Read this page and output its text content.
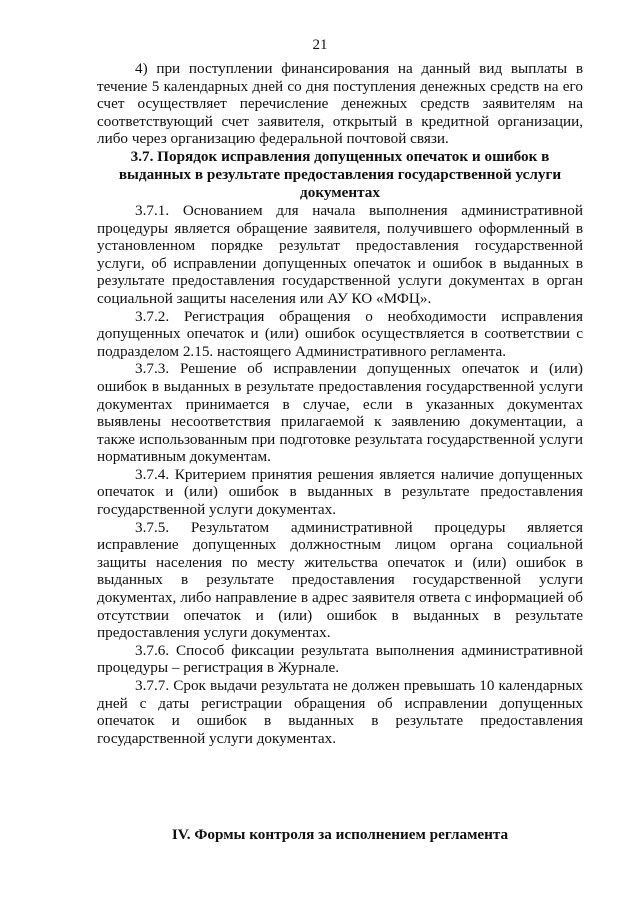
21

4) при поступлении финансирования на данный вид выплаты в течение 5 календарных дней со дня поступления денежных средств на его счет осуществляет перечисление денежных средств заявителям на соответствующий счет заявителя, открытый в кредитной организации, либо через организацию федеральной почтовой связи.

3.7. Порядок исправления допущенных опечаток и ошибок в выданных в результате предоставления государственной услуги документах

3.7.1. Основанием для начала выполнения административной процедуры является обращение заявителя, получившего оформленный в установленном порядке результат предоставления государственной услуги, об исправлении допущенных опечаток и ошибок в выданных в результате предоставления государственной услуги документах в орган социальной защиты населения или АУ КО «МФЦ».

3.7.2. Регистрация обращения о необходимости исправления допущенных опечаток и (или) ошибок осуществляется в соответствии с подразделом 2.15. настоящего Административного регламента.

3.7.3. Решение об исправлении допущенных опечаток и (или) ошибок в выданных в результате предоставления государственной услуги документах принимается в случае, если в указанных документах выявлены несоответствия прилагаемой к заявлению документации, а также использованным при подготовке результата государственной услуги нормативным документам.

3.7.4. Критерием принятия решения является наличие допущенных опечаток и (или) ошибок в выданных в результате предоставления государственной услуги документах.

3.7.5. Результатом административной процедуры является исправление допущенных должностным лицом органа социальной защиты населения по месту жительства опечаток и (или) ошибок в выданных в результате предоставления государственной услуги документах, либо направление в адрес заявителя ответа с информацией об отсутствии опечаток и (или) ошибок в выданных в результате предоставления услуги документах.

3.7.6. Способ фиксации результата выполнения административной процедуры – регистрация в Журнале.

3.7.7. Срок выдачи результата не должен превышать 10 календарных дней с даты регистрации обращения об исправлении допущенных опечаток и ошибок в выданных в результате предоставления государственной услуги документах.

IV. Формы контроля за исполнением регламента
